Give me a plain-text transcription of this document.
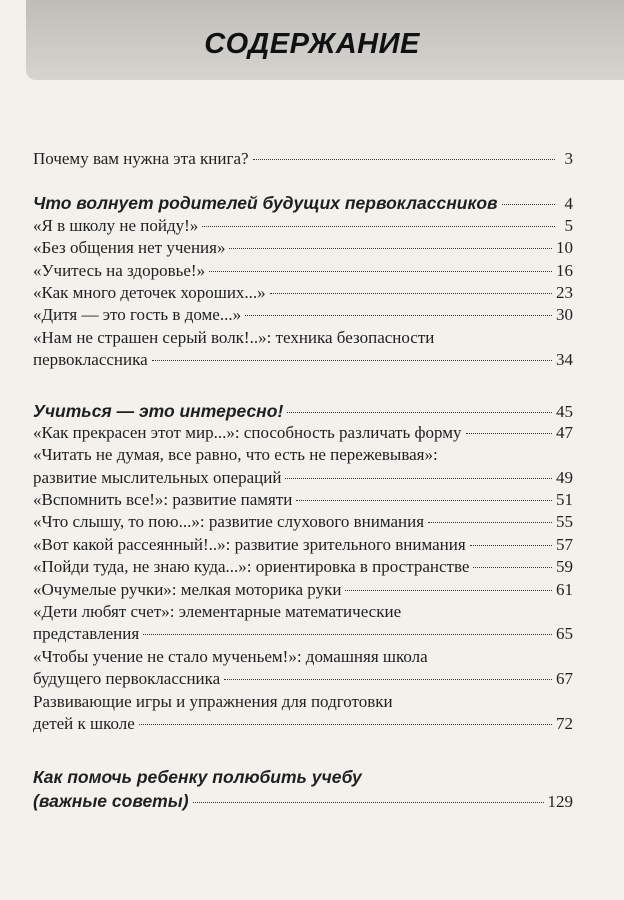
СОДЕРЖАНИЕ
Почему вам нужна эта книга?	3
Что волнует родителей будущих первоклассников	4
«Я в школу не пойду!»	5
«Без общения нет учения»	10
«Учитесь на здоровье!»	16
«Как много деточек хороших...»	23
«Дитя — это гость в доме...»	30
«Нам не страшен серый волк!..»: техника безопасности
первоклассника	34
Учиться — это интересно!	45
«Как прекрасен этот мир...»: способность различать форму	47
«Читать не думая, все равно, что есть не пережевывая»:
развитие мыслительных операций	49
«Вспомнить все!»: развитие памяти	51
«Что слышу, то пою...»: развитие слухового внимания	55
«Вот какой рассеянный!..»: развитие зрительного внимания	57
«Пойди туда, не знаю куда...»: ориентировка в пространстве	59
«Очумелые ручки»: мелкая моторика руки	61
«Дети любят счет»: элементарные математические
представления	65
«Чтобы учение не стало мученьем!»: домашняя школа
будущего первоклассника	67
Развивающие игры и упражнения для подготовки
детей к школе	72
Как помочь ребенку полюбить учебу
(важные советы)	129
